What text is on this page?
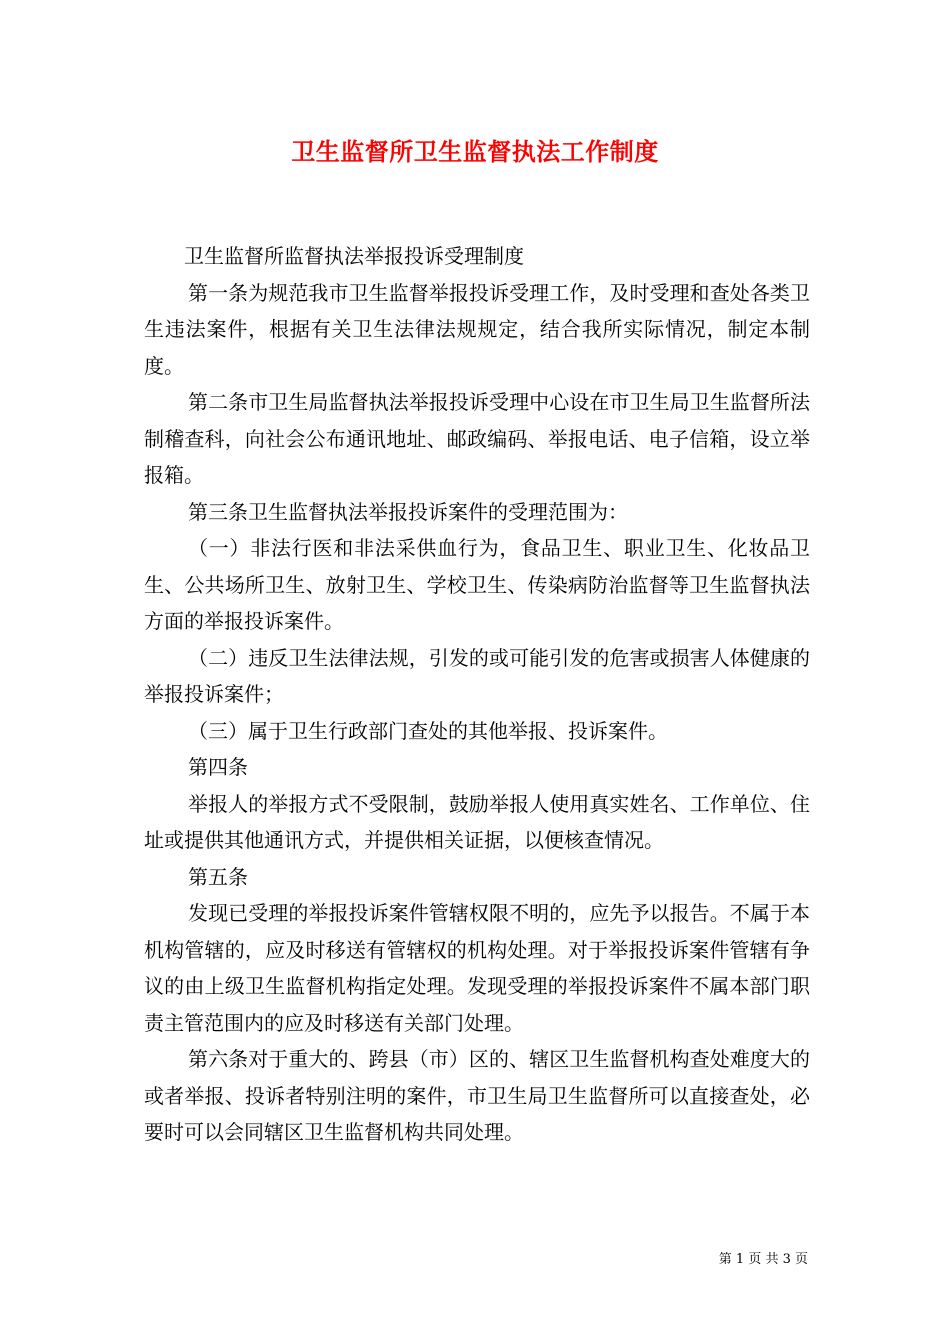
卫生监督所卫生监督执法工作制度

卫生监督所监督执法举报投诉受理制度

第一条为规范我市卫生监督举报投诉受理工作，及时受理和查处各类卫生违法案件，根据有关卫生法律法规规定，结合我所实际情况，制定本制度。

第二条市卫生局监督执法举报投诉受理中心设在市卫生局卫生监督所法制稽查科，向社会公布通讯地址、邮政编码、举报电话、电子信箱，设立举报箱。

第三条卫生监督执法举报投诉案件的受理范围为：

（一）非法行医和非法采供血行为，食品卫生、职业卫生、化妆品卫生、公共场所卫生、放射卫生、学校卫生、传染病防治监督等卫生监督执法方面的举报投诉案件。

（二）违反卫生法律法规，引发的或可能引发的危害或损害人体健康的举报投诉案件；

（三）属于卫生行政部门查处的其他举报、投诉案件。

第四条

举报人的举报方式不受限制，鼓励举报人使用真实姓名、工作单位、住址或提供其他通讯方式，并提供相关证据，以便核查情况。

第五条

发现已受理的举报投诉案件管辖权限不明的，应先予以报告。不属于本机构管辖的，应及时移送有管辖权的机构处理。对于举报投诉案件管辖有争议的由上级卫生监督机构指定处理。发现受理的举报投诉案件不属本部门职责主管范围内的应及时移送有关部门处理。

第六条对于重大的、跨县（市）区的、辖区卫生监督机构查处难度大的或者举报、投诉者特别注明的案件，市卫生局卫生监督所可以直接查处，必要时可以会同辖区卫生监督机构共同处理。

第 1 页 共 3 页
